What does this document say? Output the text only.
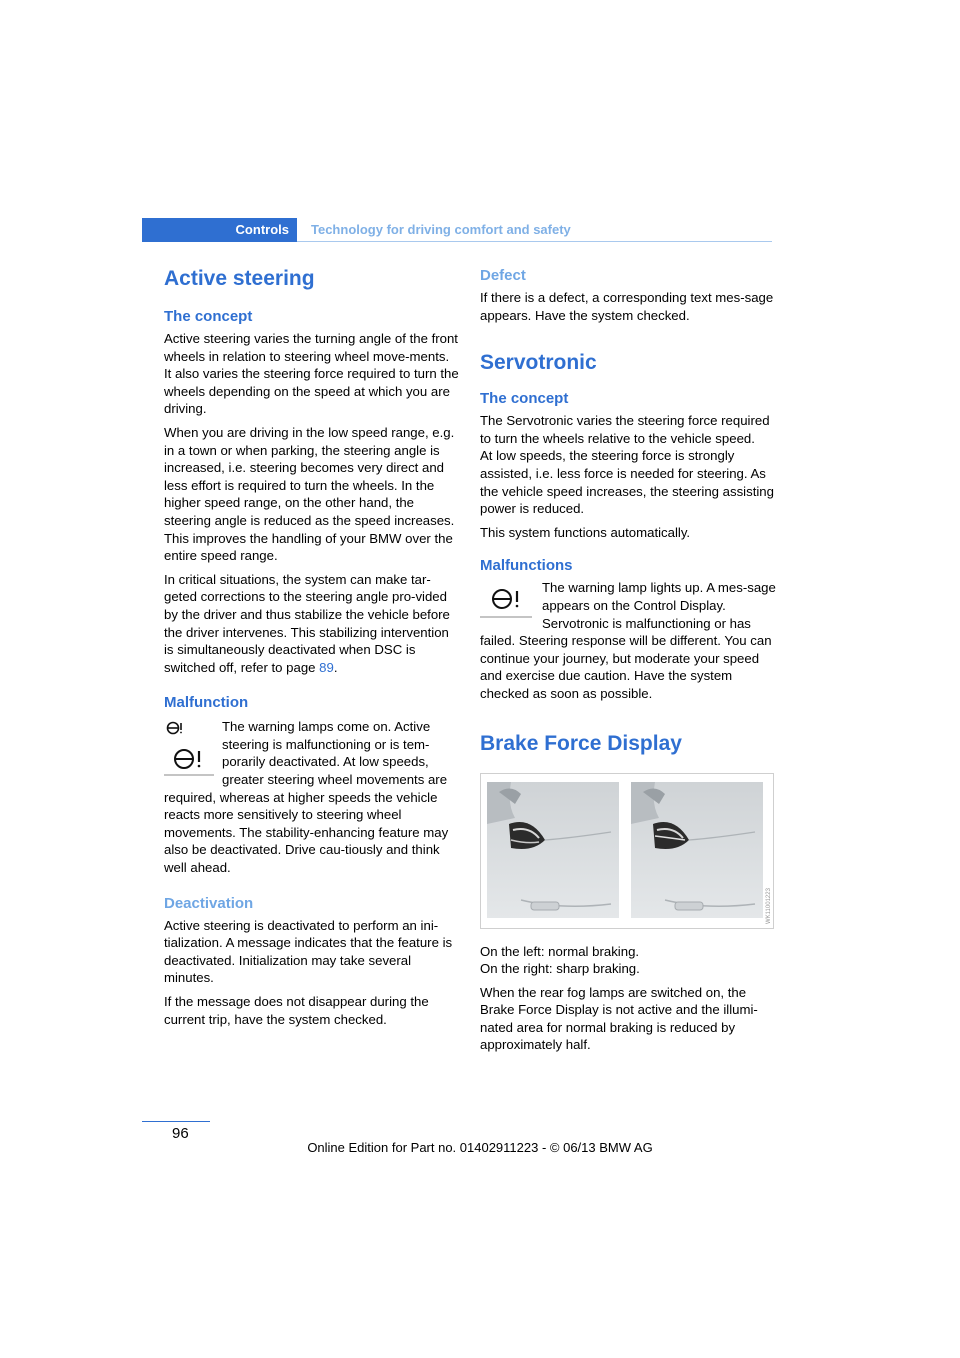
Controls	Technology for driving comfort and safety
Active steering
The concept

Active steering varies the turning angle of the front wheels in relation to steering wheel move-ments. It also varies the steering force required to turn the wheels depending on the speed at which you are driving.

When you are driving in the low speed range, e.g. in a town or when parking, the steering angle is increased, i.e. steering becomes very direct and less effort is required to turn the wheels. In the higher speed range, on the other hand, the steering angle is reduced as the speed increases. This improves the handling of your BMW over the entire speed range.

In critical situations, the system can make tar-geted corrections to the steering angle pro-vided by the driver and thus stabilize the vehicle before the driver intervenes. This stabilizing intervention is simultaneously deactivated when DSC is switched off, refer to page 89.

Malfunction

The warning lamps come on. Active steering is malfunctioning or is tem-porarily deactivated. At low speeds, greater steering wheel movements are required, whereas at higher speeds the vehicle reacts more sensitively to steering wheel movements. The stability-enhancing feature may also be deactivated. Drive cau-tiously and think well ahead.

Deactivation

Active steering is deactivated to perform an ini-tialization. A message indicates that the feature is deactivated. Initialization may take several minutes.

If the message does not disappear during the current trip, have the system checked.

Defect

If there is a defect, a corresponding text mes-sage appears. Have the system checked.

Servotronic
The concept

The Servotronic varies the steering force required to turn the wheels relative to the vehicle speed.

At low speeds, the steering force is strongly assisted, i.e. less force is needed for steering. As the vehicle speed increases, the steering assisting power is reduced.

This system functions automatically.

Malfunctions

The warning lamp lights up. A mes-sage appears on the Control Display. Servotronic is malfunctioning or has failed. Steering response will be different. You can continue your journey, but moderate your speed and exercise due caution. Have the system checked as soon as possible.

Brake Force Display
WK11001223

On the left: normal braking.

On the right: sharp braking.

When the rear fog lamps are switched on, the Brake Force Display is not active and the illumi-nated area for normal braking is reduced by approximately half.

96
Online Edition for Part no. 01402911223 - © 06/13 BMW AG
